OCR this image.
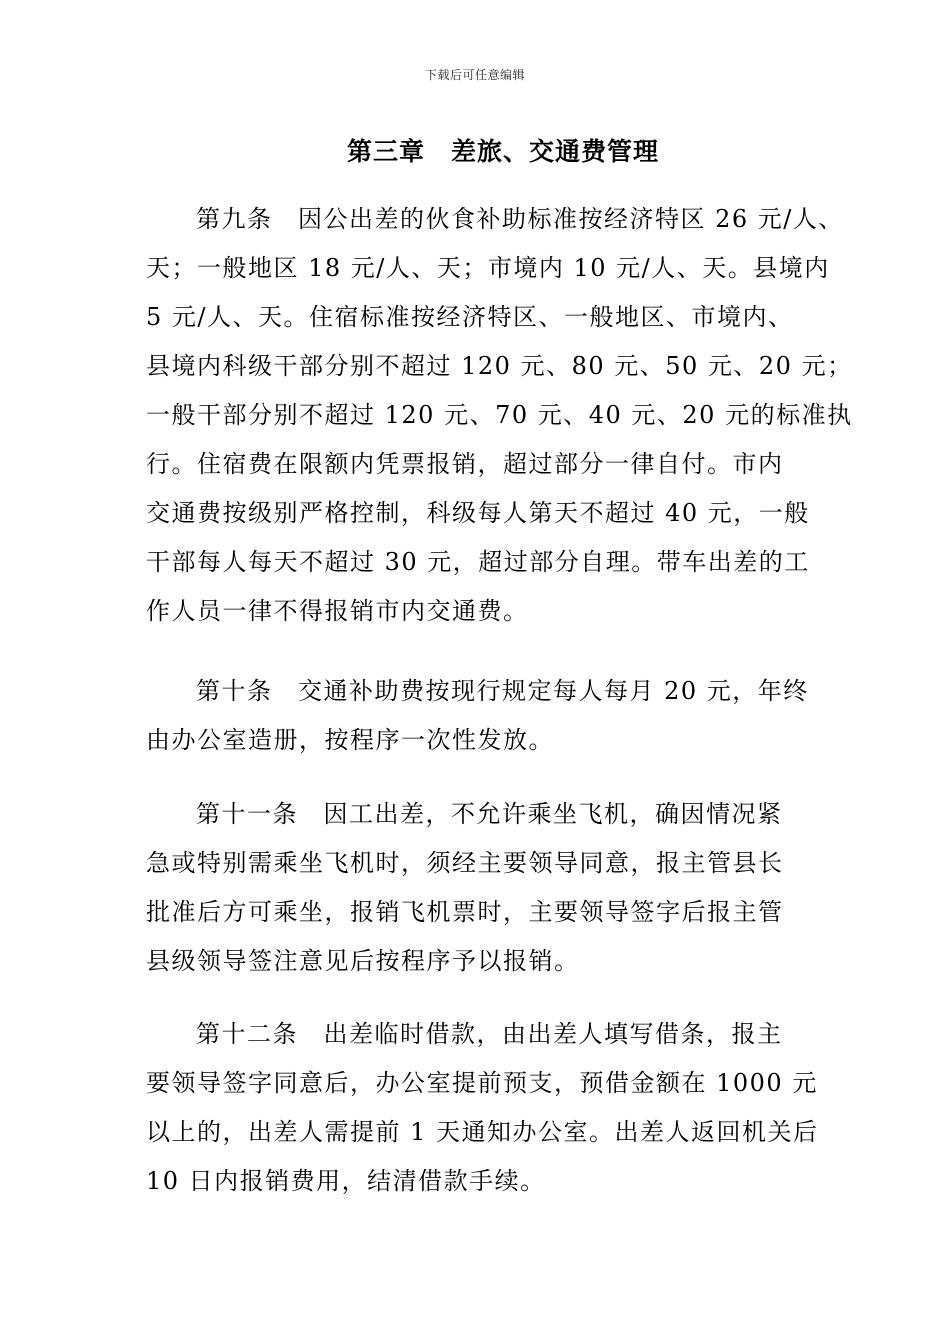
下载后可任意编辑
第三章　差旅、交通费管理

第九条　因公出差的伙食补助标准按经济特区 26 元/人、
天；一般地区 18 元/人、天；市境内 10 元/人、天。县境内
5 元/人、天。住宿标准按经济特区、一般地区、市境内、
县境内科级干部分别不超过 120 元、80 元、50 元、20 元；
一般干部分别不超过 120 元、70 元、40 元、20 元的标准执
行。住宿费在限额内凭票报销，超过部分一律自付。市内
交通费按级别严格控制，科级每人第天不超过 40 元，一般
干部每人每天不超过 30 元，超过部分自理。带车出差的工
作人员一律不得报销市内交通费。

第十条　交通补助费按现行规定每人每月 20 元，年终
由办公室造册，按程序一次性发放。

第十一条　因工出差，不允许乘坐飞机，确因情况紧
急或特别需乘坐飞机时，须经主要领导同意，报主管县长
批准后方可乘坐，报销飞机票时，主要领导签字后报主管
县级领导签注意见后按程序予以报销。

第十二条　出差临时借款，由出差人填写借条，报主
要领导签字同意后，办公室提前预支，预借金额在 1000 元
以上的，出差人需提前 1 天通知办公室。出差人返回机关后
10 日内报销费用，结清借款手续。
